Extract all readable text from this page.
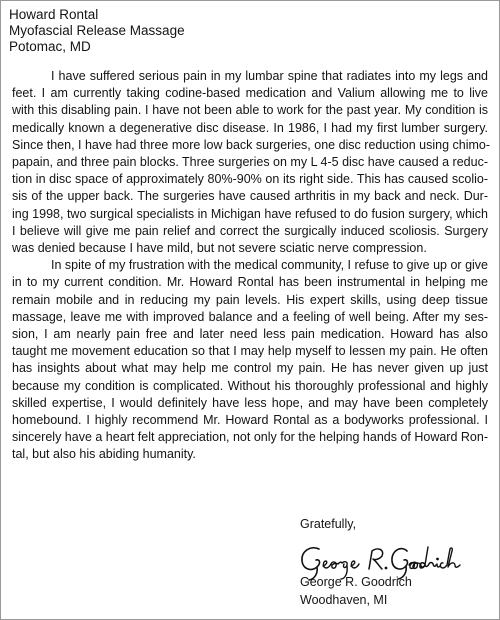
Howard Rontal
Myofascial Release Massage
Potomac, MD
I have suffered serious pain in my lumbar spine that radiates into my legs and
feet. I am currently taking codine-based medication and Valium allowing me to live
with this disabling pain. I have not been able to work for the past year. My condition is
medically known a degenerative disc disease. In 1986, I had my first lumber surgery.
Since then, I have had three more low back surgeries, one disc reduction using chimo-
papain, and three pain blocks. Three surgeries on my L 4-5 disc have caused a reduc-
tion in disc space of approximately 80%-90% on its right side. This has caused scolio-
sis of the upper back. The surgeries have caused arthritis in my back and neck. Dur-
ing 1998, two surgical specialists in Michigan have refused to do fusion surgery, which
I believe will give me pain relief and correct the surgically induced scoliosis. Surgery
was denied because I have mild, but not severe sciatic nerve compression.
In spite of my frustration with the medical community, I refuse to give up or give
in to my current condition. Mr. Howard Rontal has been instrumental in helping me
remain mobile and in reducing my pain levels. His expert skills, using deep tissue
massage, leave me with improved balance and a feeling of well being. After my ses-
sion, I am nearly pain free and later need less pain medication. Howard has also
taught me movement education so that I may help myself to lessen my pain. He often
has insights about what may help me control my pain. He has never given up just
because my condition is complicated. Without his thoroughly professional and highly
skilled expertise, I would definitely have less hope, and may have been completely
homebound. I highly recommend Mr. Howard Rontal as a bodyworks professional. I
sincerely have a heart felt appreciation, not only for the helping hands of Howard Ron-
tal, but also his abiding humanity.
Gratefully,
George R. Goodrich
Woodhaven, MI
